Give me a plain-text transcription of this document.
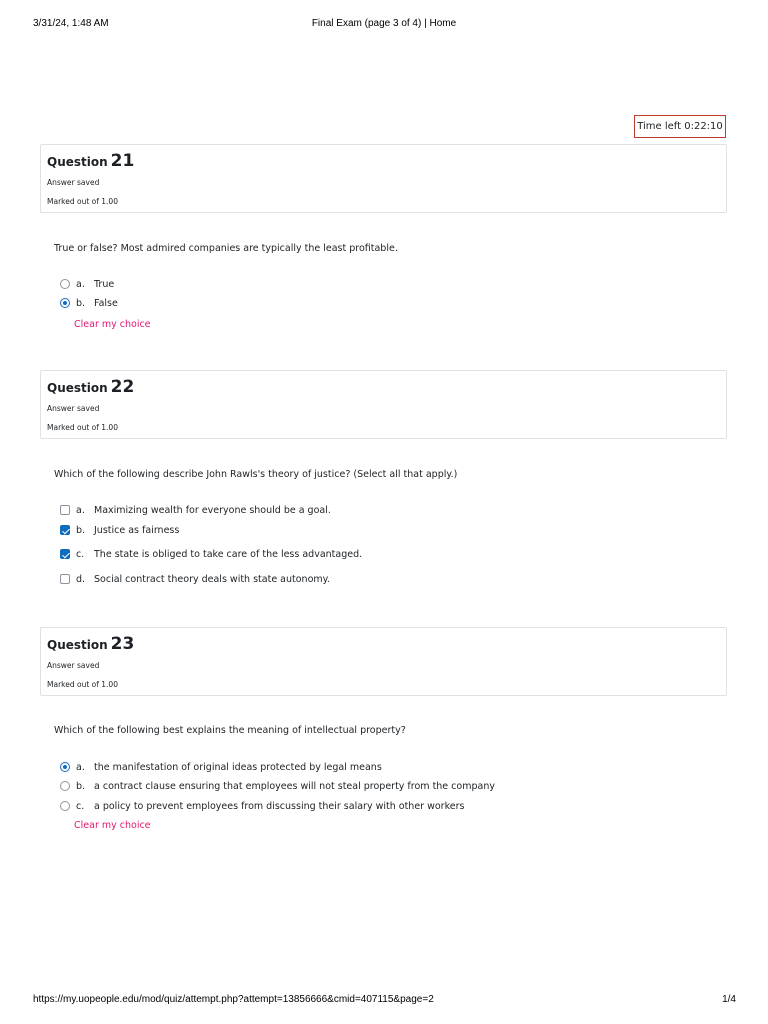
3/31/24, 1:48 AM	Final Exam (page 3 of 4) | Home
Time left 0:22:10
Question 21
Answer saved
Marked out of 1.00
True or false? Most admired companies are typically the least profitable.
a. True
b. False
Clear my choice
Question 22
Answer saved
Marked out of 1.00
Which of the following describe John Rawls's theory of justice? (Select all that apply.)
a. Maximizing wealth for everyone should be a goal.
b. Justice as fairness
c.	The state is obliged to take care of the less advantaged.
d. Social contract theory deals with state autonomy.
Question 23
Answer saved
Marked out of 1.00
Which of the following best explains the meaning of intellectual property?
a. the manifestation of original ideas protected by legal means
b. a contract clause ensuring that employees will not steal property from the company
c.	a policy to prevent employees from discussing their salary with other workers
Clear my choice
https://my.uopeople.edu/mod/quiz/attempt.php?attempt=13856666&cmid=407115&page=2	1/4
